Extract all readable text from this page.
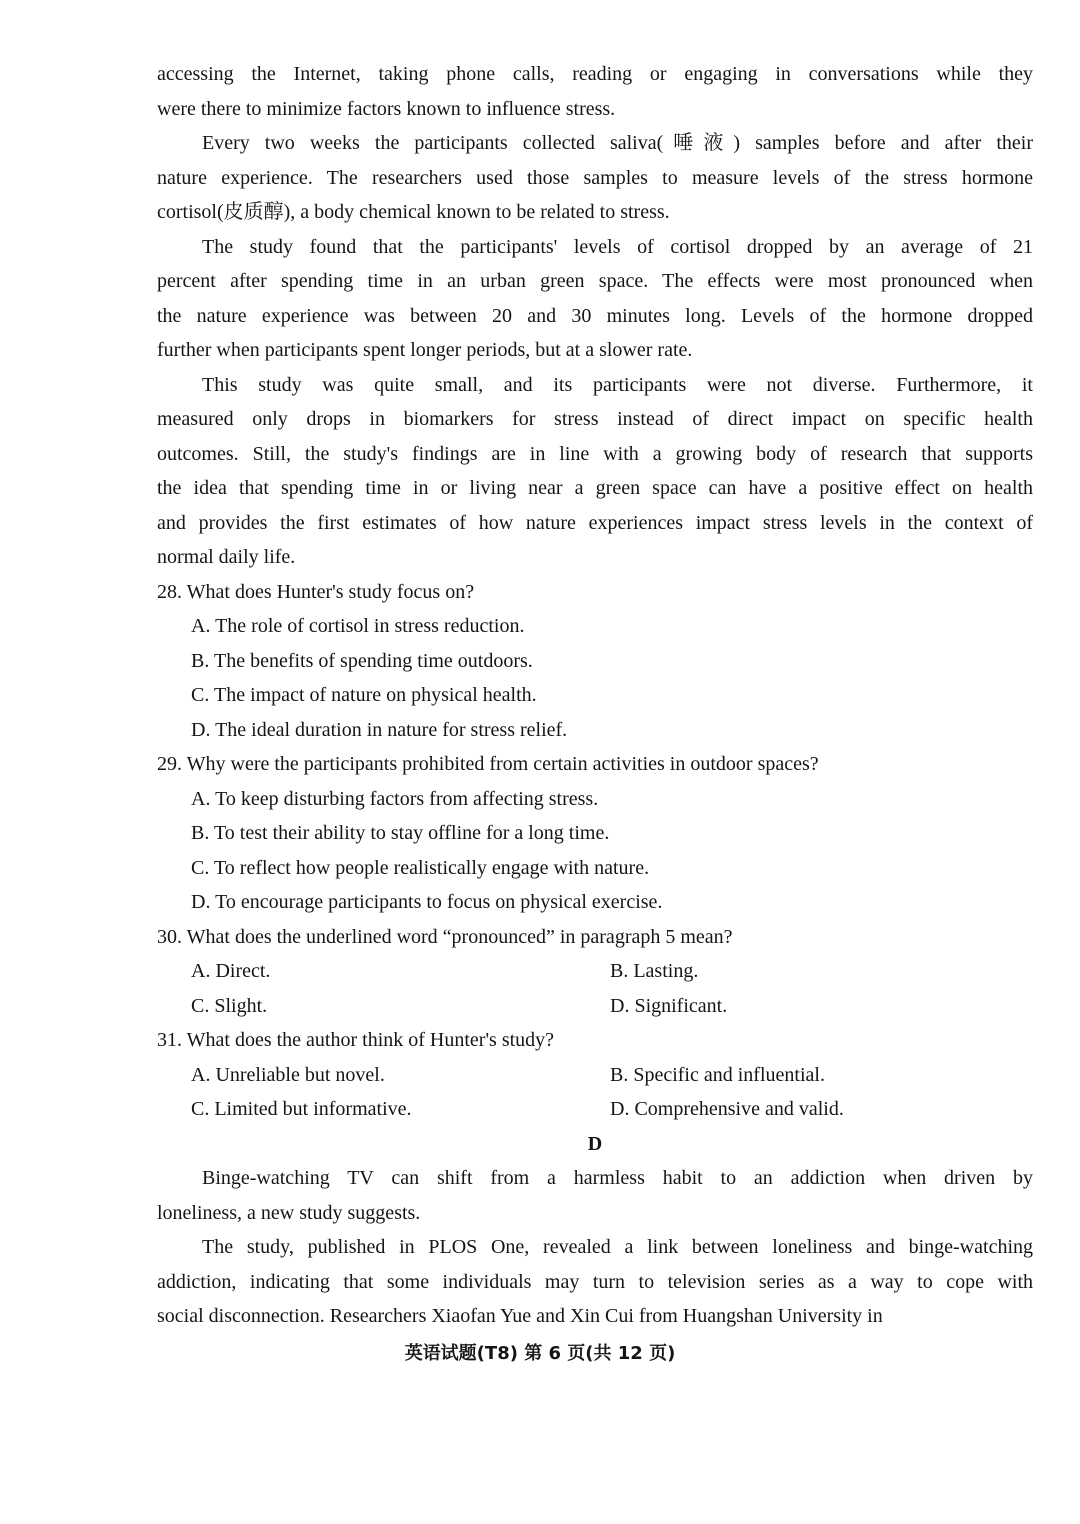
accessing the Internet, taking phone calls, reading or engaging in conversations while they
were there to minimize factors known to influence stress.
Every two weeks the participants collected saliva(唾液) samples before and after their
nature experience. The researchers used those samples to measure levels of the stress hormone
cortisol(皮质醇), a body chemical known to be related to stress.
The study found that the participants' levels of cortisol dropped by an average of 21
percent after spending time in an urban green space. The effects were most pronounced when
the nature experience was between 20 and 30 minutes long. Levels of the hormone dropped
further when participants spent longer periods, but at a slower rate.
This study was quite small, and its participants were not diverse. Furthermore, it
measured only drops in biomarkers for stress instead of direct impact on specific health
outcomes. Still, the study's findings are in line with a growing body of research that supports
the idea that spending time in or living near a green space can have a positive effect on health
and provides the first estimates of how nature experiences impact stress levels in the context of
normal daily life.
28. What does Hunter's study focus on?
A. The role of cortisol in stress reduction.
B. The benefits of spending time outdoors.
C. The impact of nature on physical health.
D. The ideal duration in nature for stress relief.
29. Why were the participants prohibited from certain activities in outdoor spaces?
A. To keep disturbing factors from affecting stress.
B. To test their ability to stay offline for a long time.
C. To reflect how people realistically engage with nature.
D. To encourage participants to focus on physical exercise.
30. What does the underlined word “pronounced” in paragraph 5 mean?
A. Direct.	B. Lasting.
C. Slight.	D. Significant.
31. What does the author think of Hunter's study?
A. Unreliable but novel.	B. Specific and influential.
C. Limited but informative.	D. Comprehensive and valid.
D
Binge-watching TV can shift from a harmless habit to an addiction when driven by
loneliness, a new study suggests.
The study, published in PLOS One, revealed a link between loneliness and binge-watching
addiction, indicating that some individuals may turn to television series as a way to cope with
social disconnection. Researchers Xiaofan Yue and Xin Cui from Huangshan University in
英语试题(T8) 第 6 页(共 12 页)
